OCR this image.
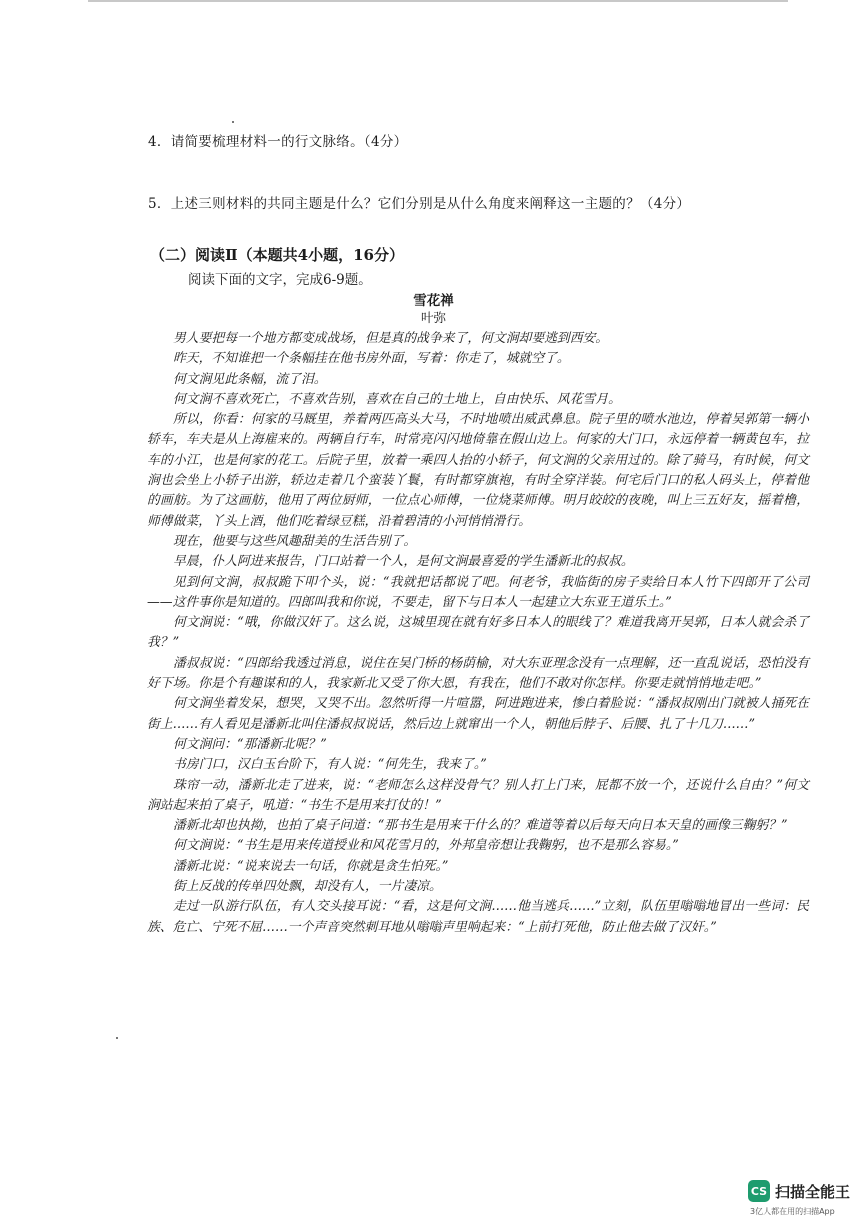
4．请简要梳理材料一的行文脉络。（4分）
5．上述三则材料的共同主题是什么？它们分别是从什么角度来阐释这一主题的？（4分）
（二）阅读Ⅱ（本题共4小题，16分）
阅读下面的文字，完成6-9题。
雪花禅
叶弥

男人要把每一个地方都变成战场，但是真的战争来了，何文涧却要逃到西安。

昨天，不知谁把一个条幅挂在他书房外面，写着：你走了，城就空了。

何文涧见此条幅，流了泪。

何文涧不喜欢死亡，不喜欢告别，喜欢在自己的土地上，自由快乐、风花雪月。

所以，你看：何家的马厩里，养着两匹高头大马，不时地喷出威武鼻息。院子里的喷水池边，停着吴郭第一辆小轿车，车夫是从上海雇来的。两辆自行车，时常亮闪闪地倚靠在假山边上。何家的大门口，永远停着一辆黄包车，拉车的小江，也是何家的花工。后院子里，放着一乘四人抬的小轿子，何文涧的父亲用过的。除了骑马，有时候，何文涧也会坐上小轿子出游，轿边走着几个蛮装丫鬟，有时都穿旗袍，有时全穿洋装。何宅后门口的私人码头上，停着他的画舫。为了这画舫，他用了两位厨师，一位点心师傅，一位烧菜师傅。明月皎皎的夜晚，叫上三五好友，摇着橹，师傅做菜，丫头上酒，他们吃着绿豆糕，沿着碧清的小河悄悄滑行。

现在，他要与这些风趣甜美的生活告别了。

早晨，仆人阿进来报告，门口站着一个人，是何文涧最喜爱的学生潘新北的叔叔。

见到何文涧，叔叔跪下叩个头，说：“我就把话都说了吧。何老爷，我临街的房子卖给日本人竹下四郎开了公司——这件事你是知道的。四郎叫我和你说，不要走，留下与日本人一起建立大东亚王道乐土。”

何文涧说：“哦，你做汉奸了。这么说，这城里现在就有好多日本人的眼线了？难道我离开吴郭，日本人就会杀了我？”

潘叔叔说：“四郎给我透过消息，说住在吴门桥的杨荫榆，对大东亚理念没有一点理解，还一直乱说话，恐怕没有好下场。你是个有趣谋和的人，我家新北又受了你大恩，有我在，他们不敢对你怎样。你要走就悄悄地走吧。”

何文涧坐着发呆，想哭，又哭不出。忽然听得一片喧嚣，阿进跑进来，惨白着脸说：“潘叔叔刚出门就被人捅死在街上……有人看见是潘新北叫住潘叔叔说话，然后边上就窜出一个人，朝他后脖子、后腰、扎了十几刀……”

何文涧问：“那潘新北呢？”

书房门口，汉白玉台阶下，有人说：“何先生，我来了。”

珠帘一动，潘新北走了进来，说：“老师怎么这样没骨气？别人打上门来，屁都不放一个，还说什么自由？”何文涧站起来拍了桌子，吼道：“书生不是用来打仗的！”

潘新北却也执拗，也拍了桌子问道：“那书生是用来干什么的？难道等着以后每天向日本天皇的画像三鞠躬？”

何文涧说：“书生是用来传道授业和风花雪月的，外邦皇帝想让我鞠躬，也不是那么容易。”

潘新北说：“说来说去一句话，你就是贪生怕死。”

街上反战的传单四处飘，却没有人，一片凄凉。

走过一队游行队伍，有人交头接耳说：“看，这是何文涧……他当逃兵……”立刻，队伍里嗡嗡地冒出一些词：民族、危亡、宁死不屈……一个声音突然刺耳地从嗡嗡声里响起来：“上前打死他，防止他去做了汉奸。”

CS 扫描全能王
3亿人都在用的扫描App
